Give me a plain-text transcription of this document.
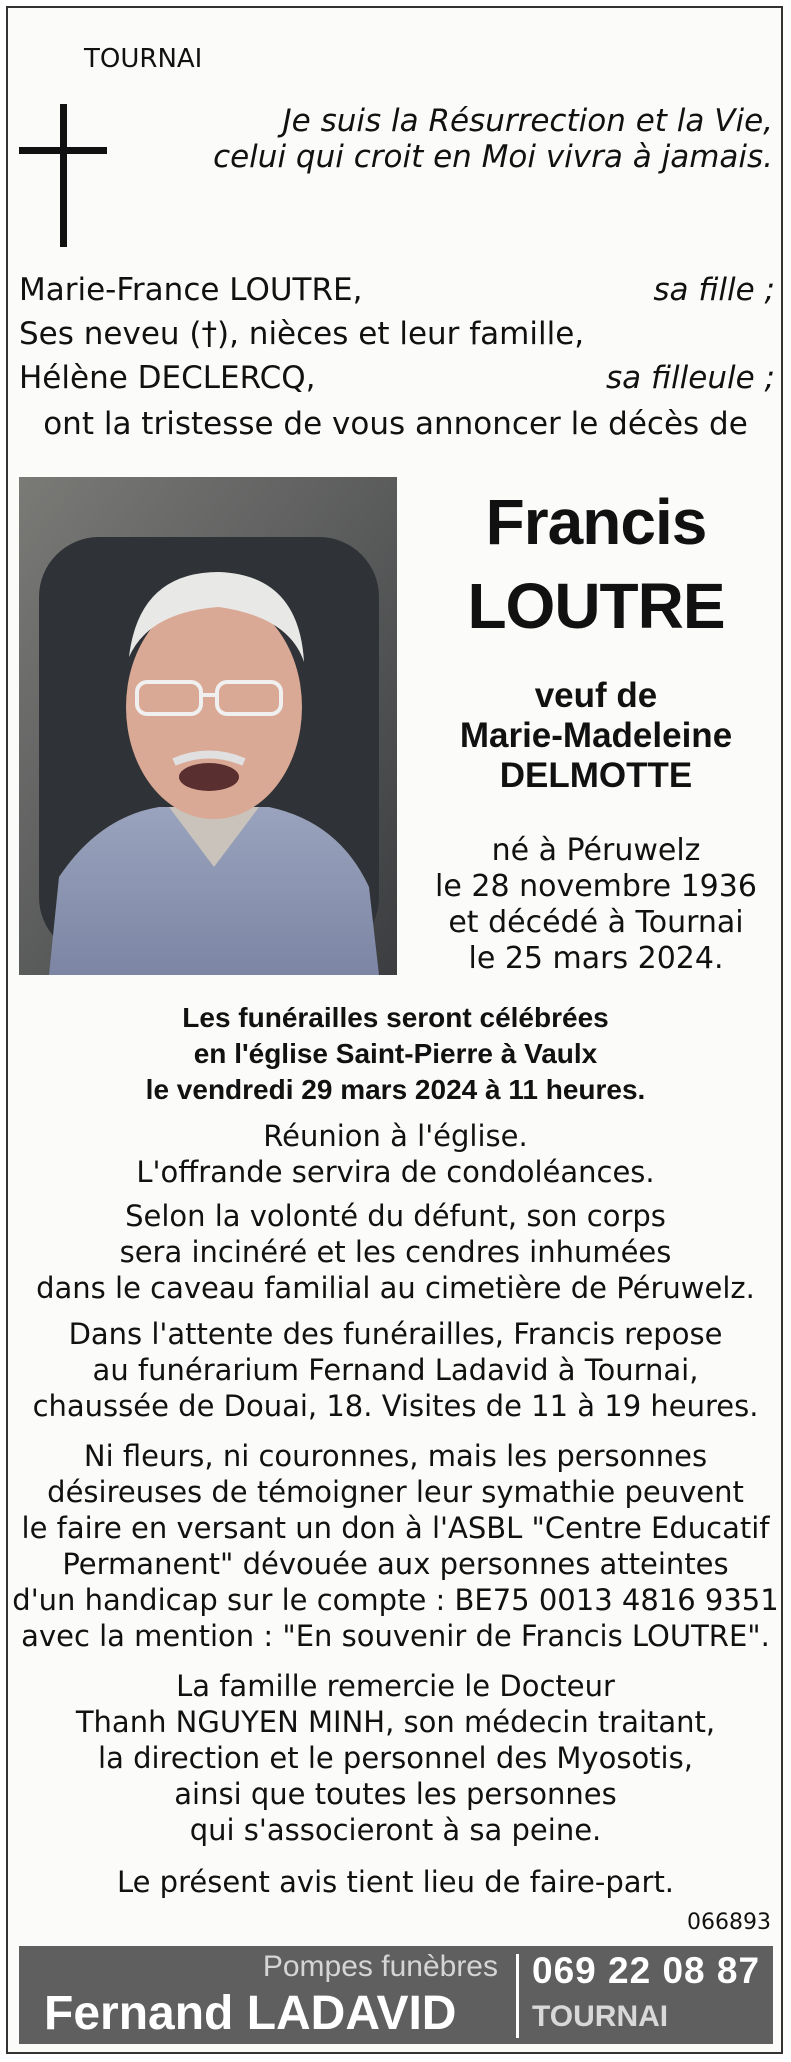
TOURNAI
Je suis la Résurrection et la Vie,
celui qui croit en Moi vivra à jamais.
Marie-France LOUTRE,	sa fille ;
Ses neveu (†), nièces et leur famille,
Hélène DECLERCQ,	sa filleule ;
ont la tristesse de vous annoncer le décès de
Francis
LOUTRE
veuf de
Marie-Madeleine
DELMOTTE
né à Péruwelz
le 28 novembre 1936
et décédé à Tournai
le 25 mars 2024.
Les funérailles seront célébrées
en l'église Saint-Pierre à Vaulx
le vendredi 29 mars 2024 à 11 heures.
Réunion à l'église.
L'offrande servira de condoléances.
Selon la volonté du défunt, son corps
sera incinéré et les cendres inhumées
dans le caveau familial au cimetière de Péruwelz.
Dans l'attente des funérailles, Francis repose
au funérarium Fernand Ladavid à Tournai,
chaussée de Douai, 18. Visites de 11 à 19 heures.
Ni fleurs, ni couronnes, mais les personnes
désireuses de témoigner leur symathie peuvent
le faire en versant un don à l'ASBL "Centre Educatif
Permanent" dévouée aux personnes atteintes
d'un handicap sur le compte : BE75 0013 4816 9351
avec la mention : "En souvenir de Francis LOUTRE".
La famille remercie le Docteur
Thanh NGUYEN MINH, son médecin traitant,
la direction et le personnel des Myosotis,
ainsi que toutes les personnes
qui s'associeront à sa peine.
Le présent avis tient lieu de faire-part.
066893
Pompes funèbres
Fernand LADAVID
069 22 08 87
TOURNAI
